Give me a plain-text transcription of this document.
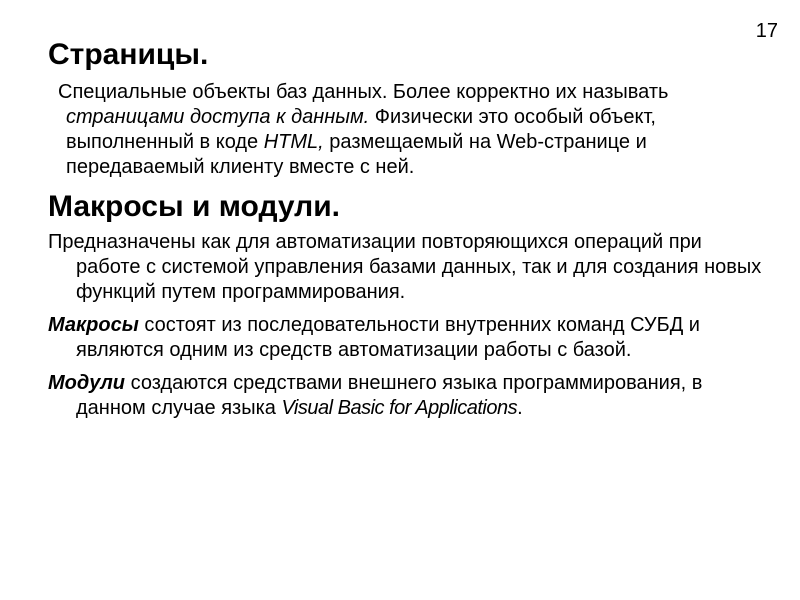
17
Страницы.

Специальные объекты баз данных. Более корректно их называть страницами доступа к данным. Физически это особый объект, выполненный в коде HTML, размещаемый на Web-странице и передаваемый клиенту вместе с ней.

Макросы и модули.

Предназначены как для автоматизации повторяющихся операций при работе с системой управления базами данных, так и для создания новых функций путем программирования.

Макросы состоят из последовательности внутренних команд СУБД и являются одним из средств автоматизации работы с базой.

Модули создаются средствами внешнего языка программирования, в данном случае языка Visual Basic for Applications.
